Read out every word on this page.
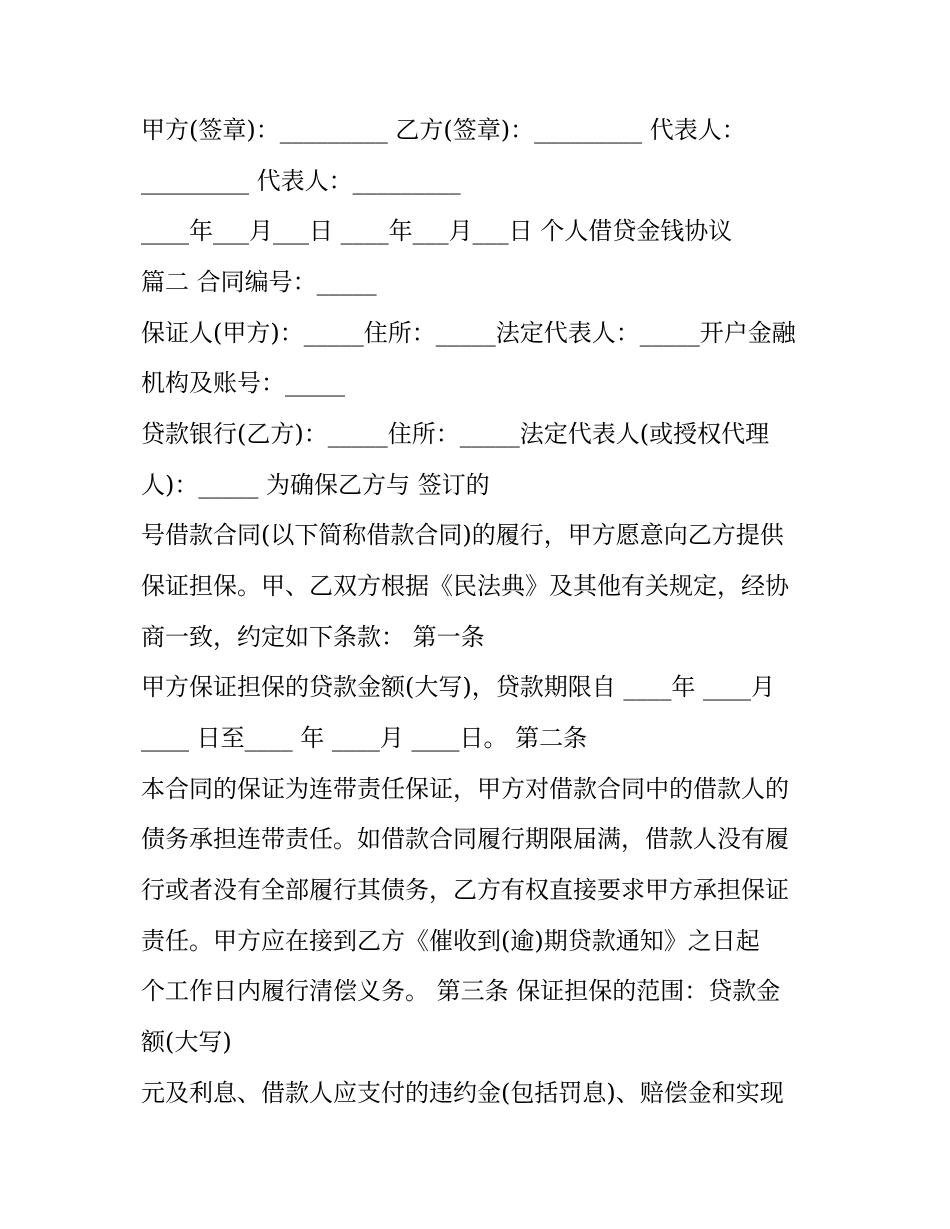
甲方(签章)：_________ 乙方(签章)：_________ 代表人：
_________ 代表人：_________
____年___月___日 ____年___月___日 个人借贷金钱协议
篇二 合同编号：_____
保证人(甲方)：_____住所：_____法定代表人：_____开户金融
机构及账号：_____
贷款银行(乙方)：_____住所：_____法定代表人(或授权代理
人)：_____ 为确保乙方与 签订的
号借款合同(以下简称借款合同)的履行，甲方愿意向乙方提供
保证担保。甲、乙双方根据《民法典》及其他有关规定，经协
商一致，约定如下条款： 第一条
甲方保证担保的贷款金额(大写)，贷款期限自 ____年 ____月
____ 日至____ 年 ____月 ____日。 第二条
本合同的保证为连带责任保证，甲方对借款合同中的借款人的
债务承担连带责任。如借款合同履行期限届满，借款人没有履
行或者没有全部履行其债务，乙方有权直接要求甲方承担保证
责任。甲方应在接到乙方《催收到(逾)期贷款通知》之日起
个工作日内履行清偿义务。 第三条 保证担保的范围：贷款金
额(大写)
元及利息、借款人应支付的违约金(包括罚息)、赔偿金和实现
